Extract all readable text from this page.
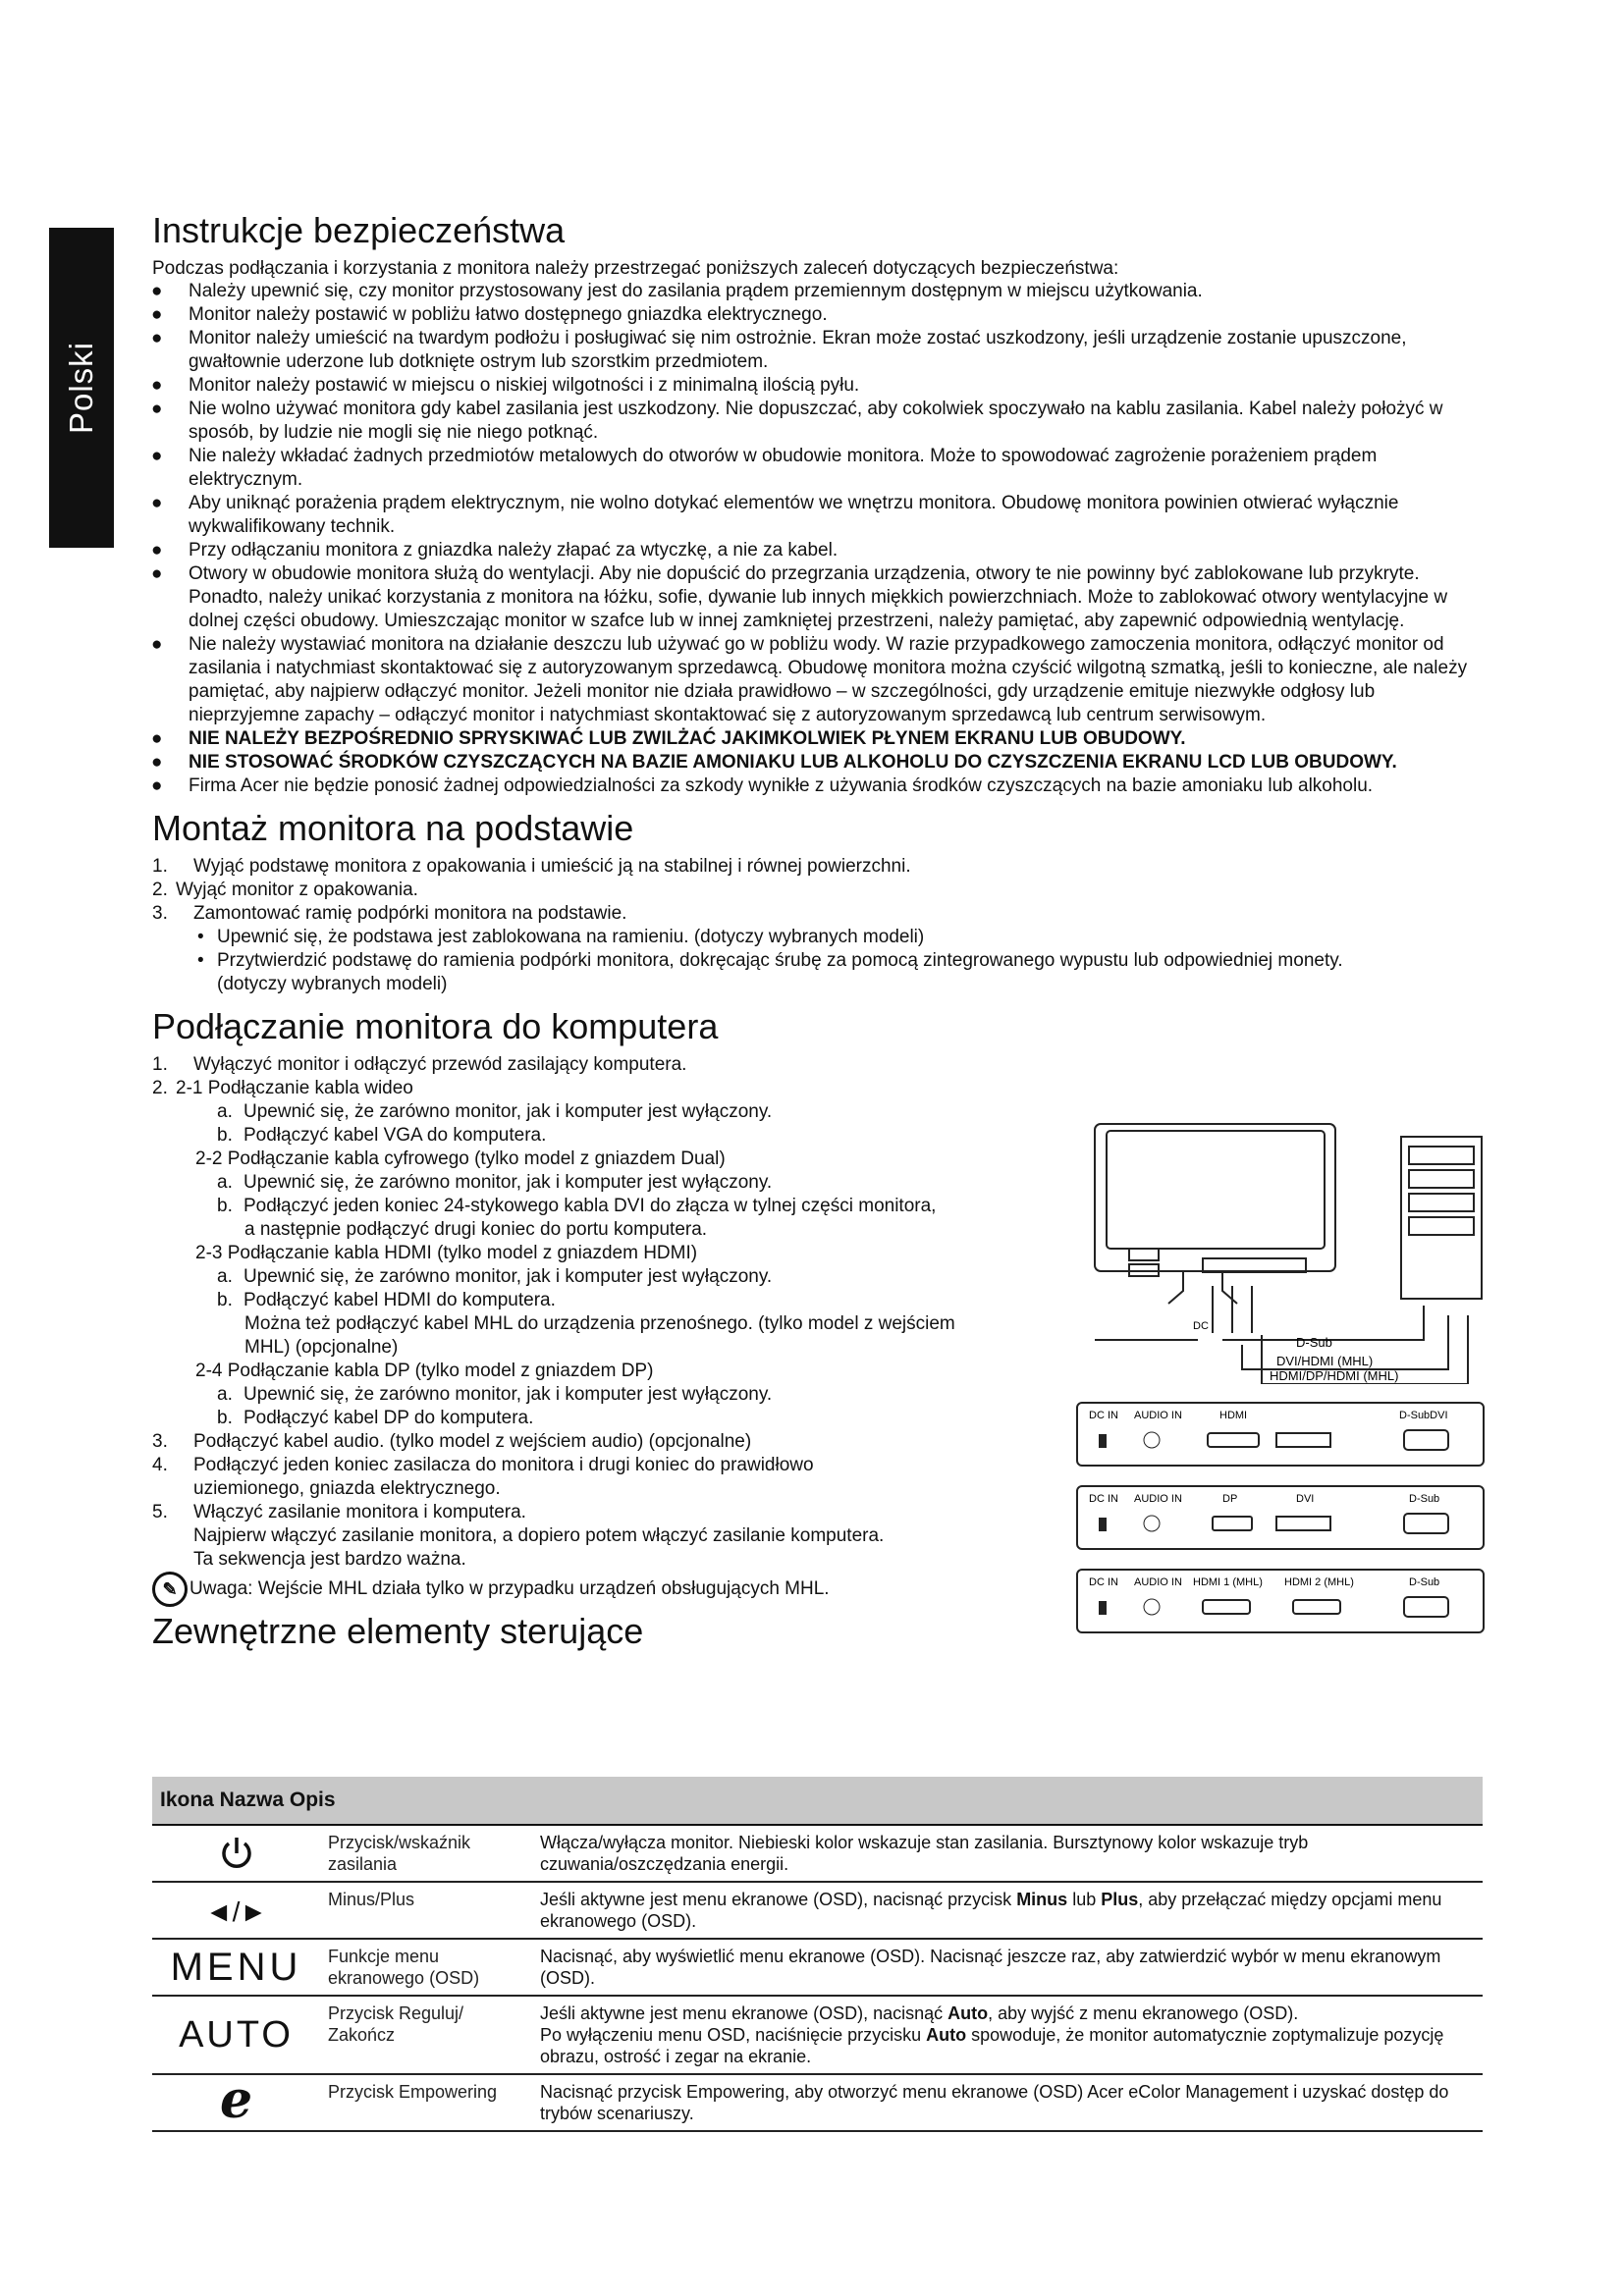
Polski
Instrukcje bezpieczeństwa

Podczas podłączania i korzystania z monitora należy przestrzegać poniższych zaleceń dotyczących bezpieczeństwa:

● Należy upewnić się, czy monitor przystosowany jest do zasilania prądem przemiennym dostępnym w miejscu użytkowania.
● Monitor należy postawić w pobliżu łatwo dostępnego gniazdka elektrycznego.
● Monitor należy umieścić na twardym podłożu i posługiwać się nim ostrożnie. Ekran może zostać uszkodzony, jeśli urządzenie zostanie upuszczone, gwałtownie uderzone lub dotknięte ostrym lub szorstkim przedmiotem.
● Monitor należy postawić w miejscu o niskiej wilgotności i z minimalną ilością pyłu.
● Nie wolno używać monitora gdy kabel zasilania jest uszkodzony. Nie dopuszczać, aby cokolwiek spoczywało na kablu zasilania. Kabel należy położyć w sposób, by ludzie nie mogli się nie niego potknąć.
● Nie należy wkładać żadnych przedmiotów metalowych do otworów w obudowie monitora. Może to spowodować zagrożenie porażeniem prądem elektrycznym.
● Aby uniknąć porażenia prądem elektrycznym, nie wolno dotykać elementów we wnętrzu monitora. Obudowę monitora powinien otwierać wyłącznie wykwalifikowany technik.
● Przy odłączaniu monitora z gniazdka należy złapać za wtyczkę, a nie za kabel.
● Otwory w obudowie monitora służą do wentylacji. Aby nie dopuścić do przegrzania urządzenia, otwory te nie powinny być zablokowane lub przykryte. Ponadto, należy unikać korzystania z monitora na łóżku, sofie, dywanie lub innych miękkich powierzchniach. Może to zablokować otwory wentylacyjne w dolnej części obudowy. Umieszczając monitor w szafce lub w innej zamkniętej przestrzeni, należy pamiętać, aby zapewnić odpowiednią wentylację.
● Nie należy wystawiać monitora na działanie deszczu lub używać go w pobliżu wody. W razie przypadkowego zamoczenia monitora, odłączyć monitor od zasilania i natychmiast skontaktować się z autoryzowanym sprzedawcą. Obudowę monitora można czyścić wilgotną szmatką, jeśli to konieczne, ale należy pamiętać, aby najpierw odłączyć monitor. Jeżeli monitor nie działa prawidłowo – w szczególności, gdy urządzenie emituje niezwykłe odgłosy lub nieprzyjemne zapachy – odłączyć monitor i natychmiast skontaktować się z autoryzowanym sprzedawcą lub centrum serwisowym.
● NIE NALEŻY BEZPOŚREDNIO SPRYSKIWAĆ LUB ZWILŻAĆ JAKIMKOLWIEK PŁYNEM EKRANU LUB OBUDOWY.
● NIE STOSOWAĆ ŚRODKÓW CZYSZCZĄCYCH NA BAZIE AMONIAKU LUB ALKOHOLU DO CZYSZCZENIA EKRANU LCD LUB OBUDOWY.
● Firma Acer nie będzie ponosić żadnej odpowiedzialności za szkody wynikłe z używania środków czyszczących na bazie amoniaku lub alkoholu.
Montaż monitora na podstawie
1. Wyjąć podstawę monitora z opakowania i umieścić ją na stabilnej i równej powierzchni.
2. Wyjąć monitor z opakowania.
3. Zamontować ramię podpórki monitora na podstawie.
• Upewnić się, że podstawa jest zablokowana na ramieniu. (dotyczy wybranych modeli)
• Przytwierdzić podstawę do ramienia podpórki monitora, dokręcając śrubę za pomocą zintegrowanego wypustu lub odpowiedniej monety.
(dotyczy wybranych modeli)
Podłączanie monitora do komputera
1. Wyłączyć monitor i odłączyć przewód zasilający komputera.
2. 2-1 Podłączanie kabla wideo
a. Upewnić się, że zarówno monitor, jak i komputer jest wyłączony.
b. Podłączyć kabel VGA do komputera.
2-2 Podłączanie kabla cyfrowego (tylko model z gniazdem Dual)
a. Upewnić się, że zarówno monitor, jak i komputer jest wyłączony.
b. Podłączyć jeden koniec 24-stykowego kabla DVI do złącza w tylnej części monitora,
a następnie podłączyć drugi koniec do portu komputera.
2-3 Podłączanie kabla HDMI (tylko model z gniazdem HDMI)
a. Upewnić się, że zarówno monitor, jak i komputer jest wyłączony.
b. Podłączyć kabel HDMI do komputera.
Można też podłączyć kabel MHL do urządzenia przenośnego. (tylko model z wejściem
MHL) (opcjonalne)
2-4 Podłączanie kabla DP (tylko model z gniazdem DP)
a. Upewnić się, że zarówno monitor, jak i komputer jest wyłączony.
b. Podłączyć kabel DP do komputera.
3. Podłączyć kabel audio. (tylko model z wejściem audio) (opcjonalne)
4. Podłączyć jeden koniec zasilacza do monitora i drugi koniec do prawidłowo
uziemionego, gniazda elektrycznego.
5. Włączyć zasilanie monitora i komputera.
Najpierw włączyć zasilanie monitora, a dopiero potem włączyć zasilanie komputera.
Ta sekwencja jest bardzo ważna.
✎ Uwaga: Wejście MHL działa tylko w przypadku urządzeń obsługujących MHL.
Zewnętrzne elementy sterujące
DC
D-Sub
DVI/HDMI (MHL)
HDMI/DP/HDMI (MHL)

DC IN AUDIO IN	HDMI	D-SubDVI

DC IN AUDIO IN	DP	DVI	D-Sub

DC IN AUDIO IN HDMI 1 (MHL) HDMI 2 (MHL)	D-Sub
Ikona Nazwa Opis		
	Przycisk/wskaźnik zasilania	Włącza/wyłącza monitor. Niebieski kolor wskazuje stan zasilania. Bursztynowy kolor wskazuje tryb czuwania/oszczędzania energii.
◄/►	Minus/Plus	Jeśli aktywne jest menu ekranowe (OSD), nacisnąć przycisk Minus lub Plus, aby przełączać między opcjami menu ekranowego (OSD).
MENU	Funkcje menu ekranowego (OSD)	Nacisnąć, aby wyświetlić menu ekranowe (OSD). Nacisnąć jeszcze raz, aby zatwierdzić wybór w menu ekranowym (OSD).
AUTO	Przycisk Reguluj/ Zakończ	Jeśli aktywne jest menu ekranowe (OSD), nacisnąć Auto, aby wyjść z menu ekranowego (OSD).
Po wyłączeniu menu OSD, naciśnięcie przycisku Auto spowoduje, że monitor automatycznie zoptymalizuje pozycję obrazu, ostrość i zegar na ekranie.
e	Przycisk Empowering	Nacisnąć przycisk Empowering, aby otworzyć menu ekranowe (OSD) Acer eColor Management i uzyskać dostęp do trybów scenariuszy.
